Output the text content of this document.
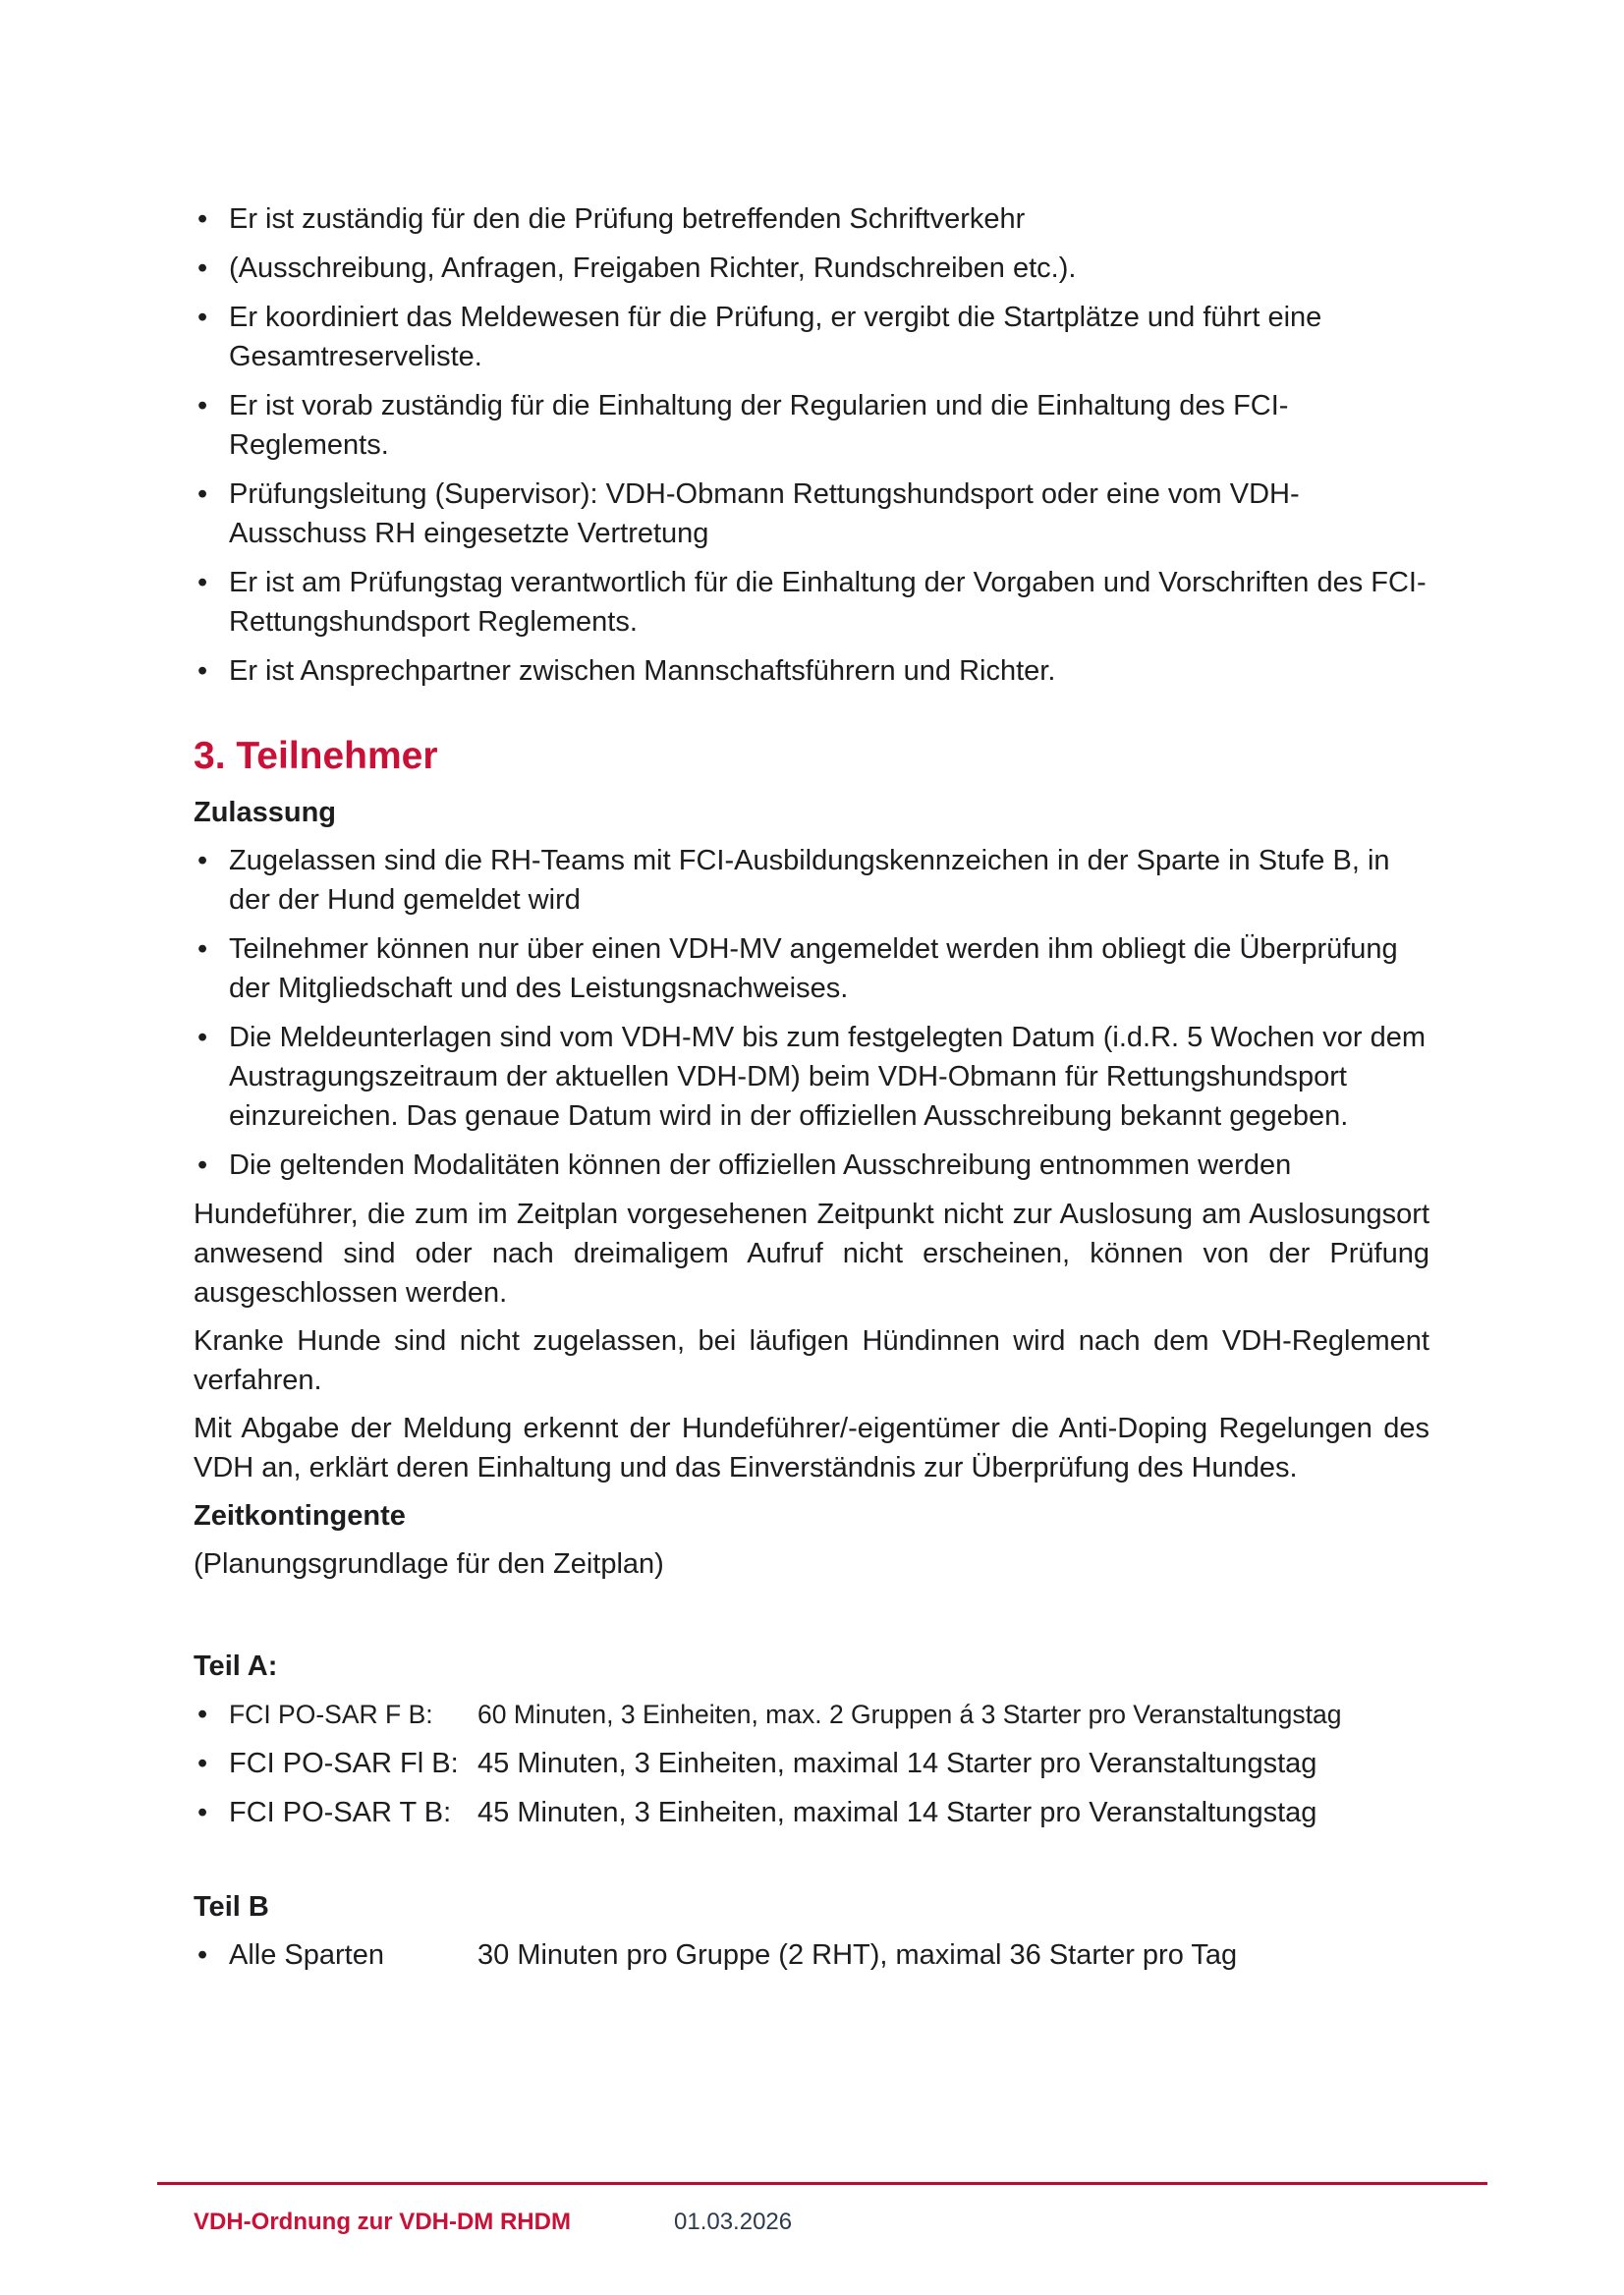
• Er ist zuständig für den die Prüfung betreffenden Schriftverkehr
• (Ausschreibung, Anfragen, Freigaben Richter, Rundschreiben etc.).
• Er koordiniert das Meldewesen für die Prüfung, er vergibt die Startplätze und führt eine Gesamtreserveliste.
• Er ist vorab zuständig für die Einhaltung der Regularien und die Einhaltung des FCI-Reglements.
• Prüfungsleitung (Supervisor): VDH-Obmann Rettungshundsport oder eine vom VDH-Ausschuss RH eingesetzte Vertretung
• Er ist am Prüfungstag verantwortlich für die Einhaltung der Vorgaben und Vorschriften des FCI-Rettungshundsport Reglements.
• Er ist Ansprechpartner zwischen Mannschaftsführern und Richter.
3. Teilnehmer
Zulassung
• Zugelassen sind die RH-Teams mit FCI-Ausbildungskennzeichen in der Sparte in Stufe B, in der der Hund gemeldet wird
• Teilnehmer können nur über einen VDH-MV angemeldet werden ihm obliegt die Überprüfung der Mitgliedschaft und des Leistungsnachweises.
• Die Meldeunterlagen sind vom VDH-MV bis zum festgelegten Datum (i.d.R. 5 Wochen vor dem Austragungszeitraum der aktuellen VDH-DM) beim VDH-Obmann für Rettungshundsport einzureichen. Das genaue Datum wird in der offiziellen Ausschreibung bekannt gegeben.
• Die geltenden Modalitäten können der offiziellen Ausschreibung entnommen werden

Hundeführer, die zum im Zeitplan vorgesehenen Zeitpunkt nicht zur Auslosung am Auslosungsort anwesend sind oder nach dreimaligem Aufruf nicht erscheinen, können von der Prüfung ausgeschlossen werden.

Kranke Hunde sind nicht zugelassen, bei läufigen Hündinnen wird nach dem VDH-Reglement verfahren.

Mit Abgabe der Meldung erkennt der Hundeführer/-eigentümer die Anti-Doping Regelungen des VDH an, erklärt deren Einhaltung und das Einverständnis zur Überprüfung des Hundes.

Zeitkontingente

(Planungsgrundlage für den Zeitplan)

Teil A:
• FCI PO-SAR F B: 60 Minuten, 3 Einheiten, max. 2 Gruppen á 3 Starter pro Veranstaltungstag
• FCI PO-SAR Fl B: 45 Minuten, 3 Einheiten, maximal 14 Starter pro Veranstaltungstag
• FCI PO-SAR T B: 45 Minuten, 3 Einheiten, maximal 14 Starter pro Veranstaltungstag
Teil B
• Alle Sparten	30 Minuten pro Gruppe (2 RHT), maximal 36 Starter pro Tag
VDH-Ordnung zur VDH-DM RHDM	01.03.2026
